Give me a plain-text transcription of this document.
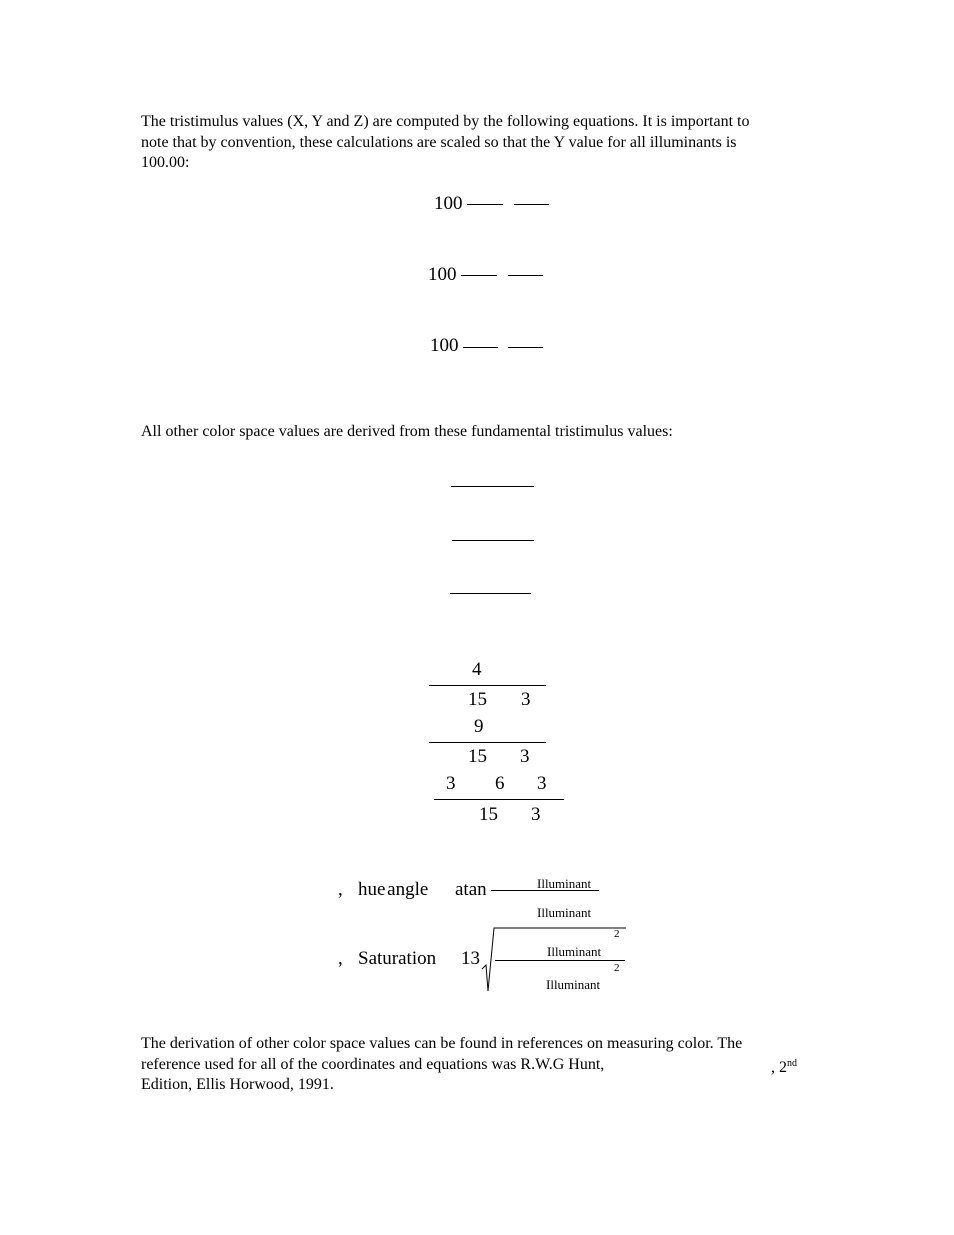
The tristimulus values (X, Y and Z) are computed by the following equations. It is important to
note that by convention, these calculations are scaled so that the Y value for all illuminants is
100.00:
100
100
100
All other color space values are derived from these fundamental tristimulus values:
4
15 3
9
15 3
3 6 3
15 3
, hue angle atan	Illuminant
Illuminant
, Saturation 13
2
Illuminant
2
Illuminant
The derivation of other color space values can be found in references on measuring color. The
reference used for all of the coordinates and equations was R.W.G Hunt,
Edition, Ellis Horwood, 1991.
, 2nd
